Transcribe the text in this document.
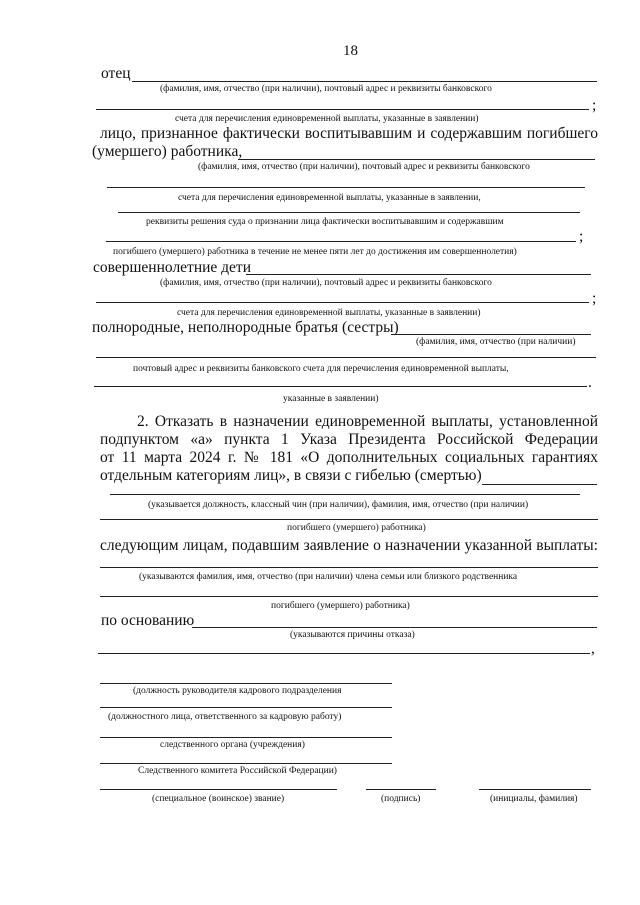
18
отец
(фамилия, имя, отчество (при наличии), почтовый адрес и реквизиты банковского
;
счета для перечисления единовременной выплаты, указанные в заявлении)
лицо, признанное фактически воспитывавшим и содержавшим погибшего
(умершего) работника,
(фамилия, имя, отчество (при наличии), почтовый адрес и реквизиты банковского
счета для перечисления единовременной выплаты, указанные в заявлении,
реквизиты решения суда о признании лица фактически воспитывавшим и содержавшим
;
погибшего (умершего) работника в течение не менее пяти лет до достижения им совершеннолетия)
совершеннолетние дети
(фамилия, имя, отчество (при наличии), почтовый адрес и реквизиты банковского
;
счета для перечисления единовременной выплаты, указанные в заявлении)
полнородные, неполнородные братья (сестры)
(фамилия, имя, отчество (при наличии)
почтовый адрес и реквизиты банковского счета для перечисления единовременной выплаты,
.
указанные в заявлении)
2. Отказать в назначении единовременной выплаты, установленной
подпунктом «а» пункта 1 Указа Президента Российской Федерации
от 11 марта 2024 г. № 181 «О дополнительных социальных гарантиях
отдельным категориям лиц», в связи с гибелью (смертью)
(указывается должность, классный чин (при наличии), фамилия, имя, отчество (при наличии)
погибшего (умершего) работника)
следующим лицам, подавшим заявление о назначении указанной выплаты:
(указываются фамилия, имя, отчество (при наличии) члена семьи или близкого родственника
погибшего (умершего) работника)
по основанию
(указываются причины отказа)
,
(должность руководителя кадрового подразделения
(должностного лица, ответственного за кадровую работу)
следственного органа (учреждения)
Следственного комитета Российской Федерации)
(специальное (воинское) звание)	(подпись)	(инициалы, фамилия)
